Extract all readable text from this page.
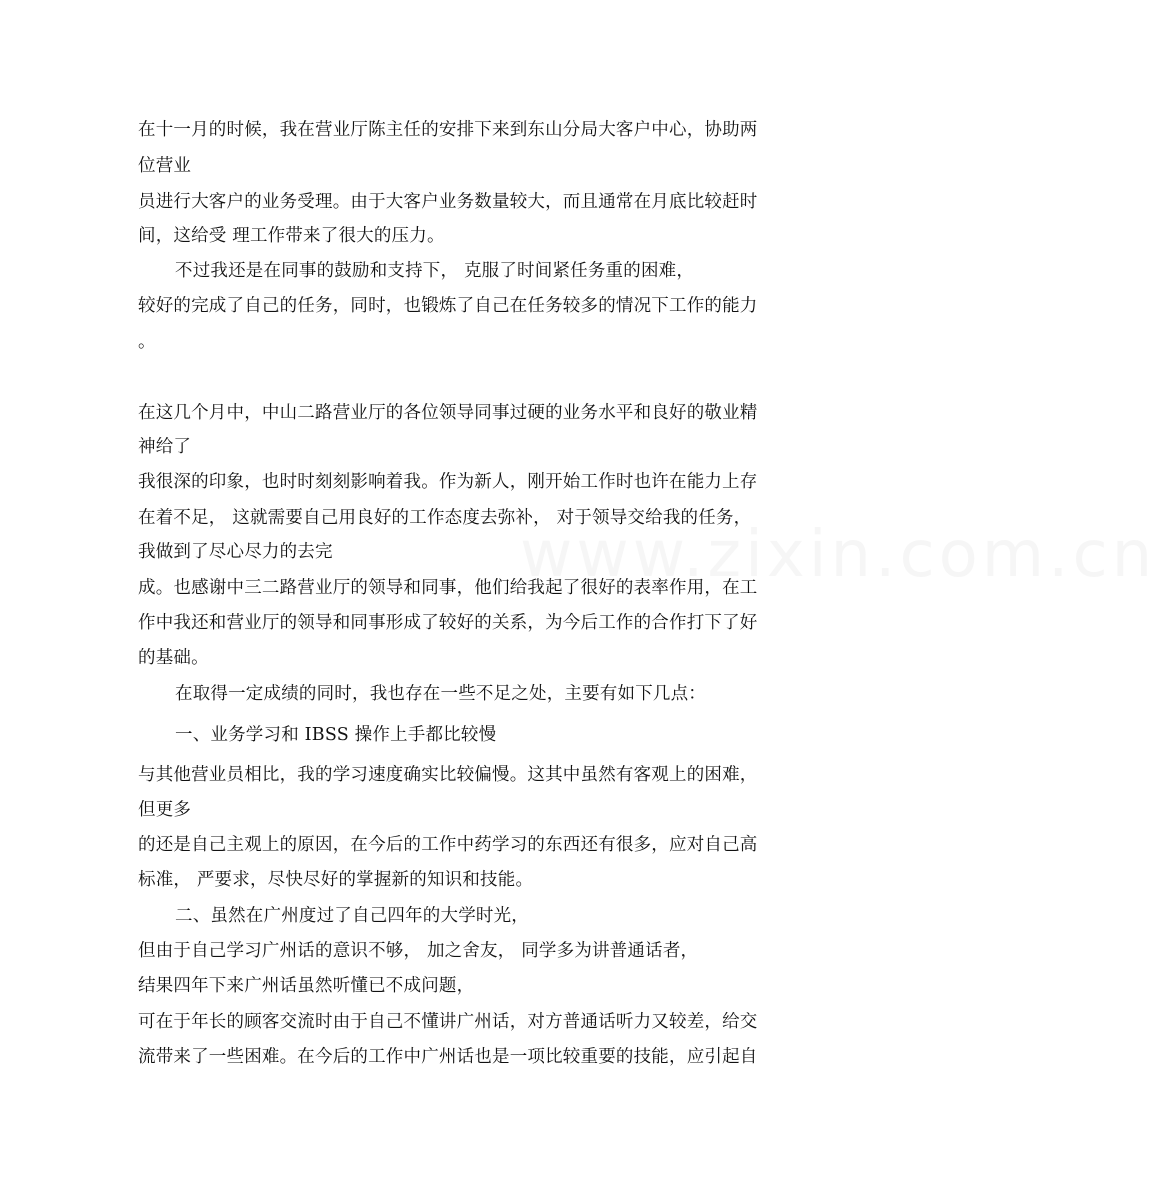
www.zixin.com.cn
在十一月的时候，我在营业厅陈主任的安排下来到东山分局大客户中心，协助两
位营业
员进行大客户的业务受理。由于大客户业务数量较大，而且通常在月底比较赶时
间，这给受 理工作带来了很大的压力。
不过我还是在同事的鼓励和支持下， 克服了时间紧任务重的困难，
较好的完成了自己的任务，同时，也锻炼了自己在任务较多的情况下工作的能力
。
在这几个月中，中山二路营业厅的各位领导同事过硬的业务水平和良好的敬业精
神给了
我很深的印象，也时时刻刻影响着我。作为新人，刚开始工作时也许在能力上存
在着不足， 这就需要自己用良好的工作态度去弥补， 对于领导交给我的任务，
我做到了尽心尽力的去完
成。也感谢中三二路营业厅的领导和同事，他们给我起了很好的表率作用，在工
作中我还和营业厅的领导和同事形成了较好的关系，为今后工作的合作打下了好
的基础。
在取得一定成绩的同时，我也存在一些不足之处，主要有如下几点：
一、业务学习和 IBSS 操作上手都比较慢
与其他营业员相比，我的学习速度确实比较偏慢。这其中虽然有客观上的困难，
但更多
的还是自己主观上的原因，在今后的工作中药学习的东西还有很多，应对自己高
标准， 严要求，尽快尽好的掌握新的知识和技能。
二、虽然在广州度过了自己四年的大学时光，
但由于自己学习广州话的意识不够， 加之舍友， 同学多为讲普通话者，
结果四年下来广州话虽然听懂已不成问题，
可在于年长的顾客交流时由于自己不懂讲广州话，对方普通话听力又较差，给交
流带来了一些困难。在今后的工作中广州话也是一项比较重要的技能，应引起自
